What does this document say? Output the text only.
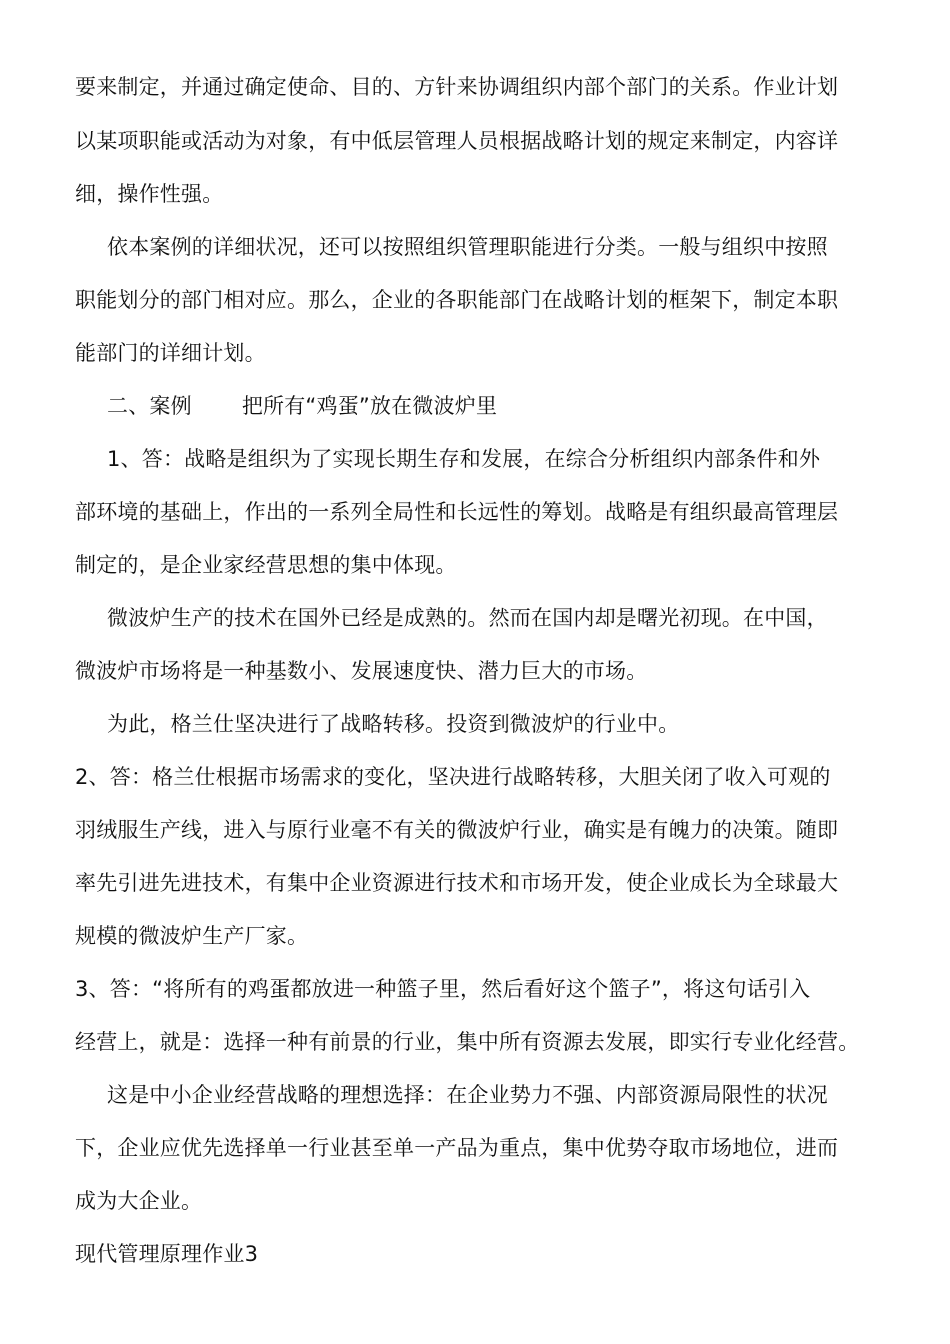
要来制定，并通过确定使命、目的、方针来协调组织内部个部门的关系。作业计划
以某项职能或活动为对象，有中低层管理人员根据战略计划的规定来制定，内容详
细，操作性强。
依本案例的详细状况，还可以按照组织管理职能进行分类。一般与组织中按照
职能划分的部门相对应。那么，企业的各职能部门在战略计划的框架下，制定本职
能部门的详细计划。
二、案例 把所有“鸡蛋”放在微波炉里
1、答：战略是组织为了实现长期生存和发展，在综合分析组织内部条件和外
部环境的基础上，作出的一系列全局性和长远性的筹划。战略是有组织最高管理层
制定的，是企业家经营思想的集中体现。
微波炉生产的技术在国外已经是成熟的。然而在国内却是曙光初现。在中国，
微波炉市场将是一种基数小、发展速度快、潜力巨大的市场。
为此，格兰仕坚决进行了战略转移。投资到微波炉的行业中。
2、答：格兰仕根据市场需求的变化，坚决进行战略转移，大胆关闭了收入可观的
羽绒服生产线，进入与原行业毫不有关的微波炉行业，确实是有魄力的决策。随即
率先引进先进技术，有集中企业资源进行技术和市场开发，使企业成长为全球最大
规模的微波炉生产厂家。
3、答：“将所有的鸡蛋都放进一种篮子里，然后看好这个篮子”，将这句话引入
经营上，就是：选择一种有前景的行业，集中所有资源去发展，即实行专业化经营。
这是中小企业经营战略的理想选择：在企业势力不强、内部资源局限性的状况
下，企业应优先选择单一行业甚至单一产品为重点，集中优势夺取市场地位，进而
成为大企业。
现代管理原理作业3
